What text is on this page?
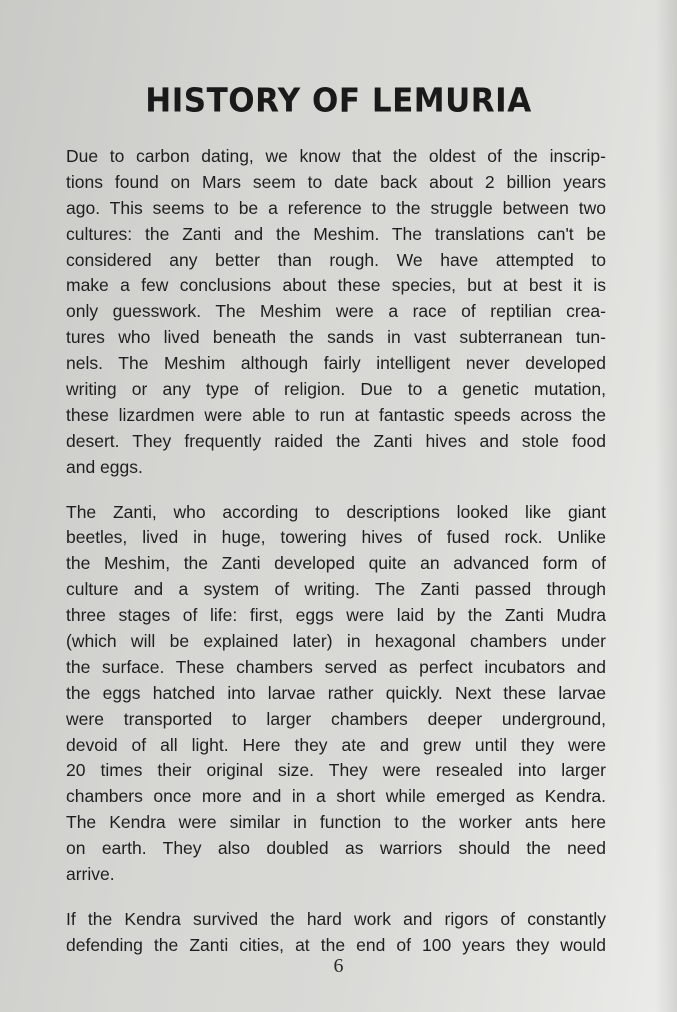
HISTORY OF LEMURIA
Due to carbon dating, we know that the oldest of the inscrip-
tions found on Mars seem to date back about 2 billion years
ago. This seems to be a reference to the struggle between two
cultures: the Zanti and the Meshim. The translations can't be
considered any better than rough. We have attempted to
make a few conclusions about these species, but at best it is
only guesswork. The Meshim were a race of reptilian crea-
tures who lived beneath the sands in vast subterranean tun-
nels. The Meshim although fairly intelligent never developed
writing or any type of religion. Due to a genetic mutation,
these lizardmen were able to run at fantastic speeds across the
desert. They frequently raided the Zanti hives and stole food
and eggs.
The Zanti, who according to descriptions looked like giant
beetles, lived in huge, towering hives of fused rock. Unlike
the Meshim, the Zanti developed quite an advanced form of
culture and a system of writing. The Zanti passed through
three stages of life: first, eggs were laid by the Zanti Mudra
(which will be explained later) in hexagonal chambers under
the surface. These chambers served as perfect incubators and
the eggs hatched into larvae rather quickly. Next these larvae
were transported to larger chambers deeper underground,
devoid of all light. Here they ate and grew until they were
20 times their original size. They were resealed into larger
chambers once more and in a short while emerged as Kendra.
The Kendra were similar in function to the worker ants here
on earth. They also doubled as warriors should the need
arrive.
If the Kendra survived the hard work and rigors of constantly
defending the Zanti cities, at the end of 100 years they would
6
